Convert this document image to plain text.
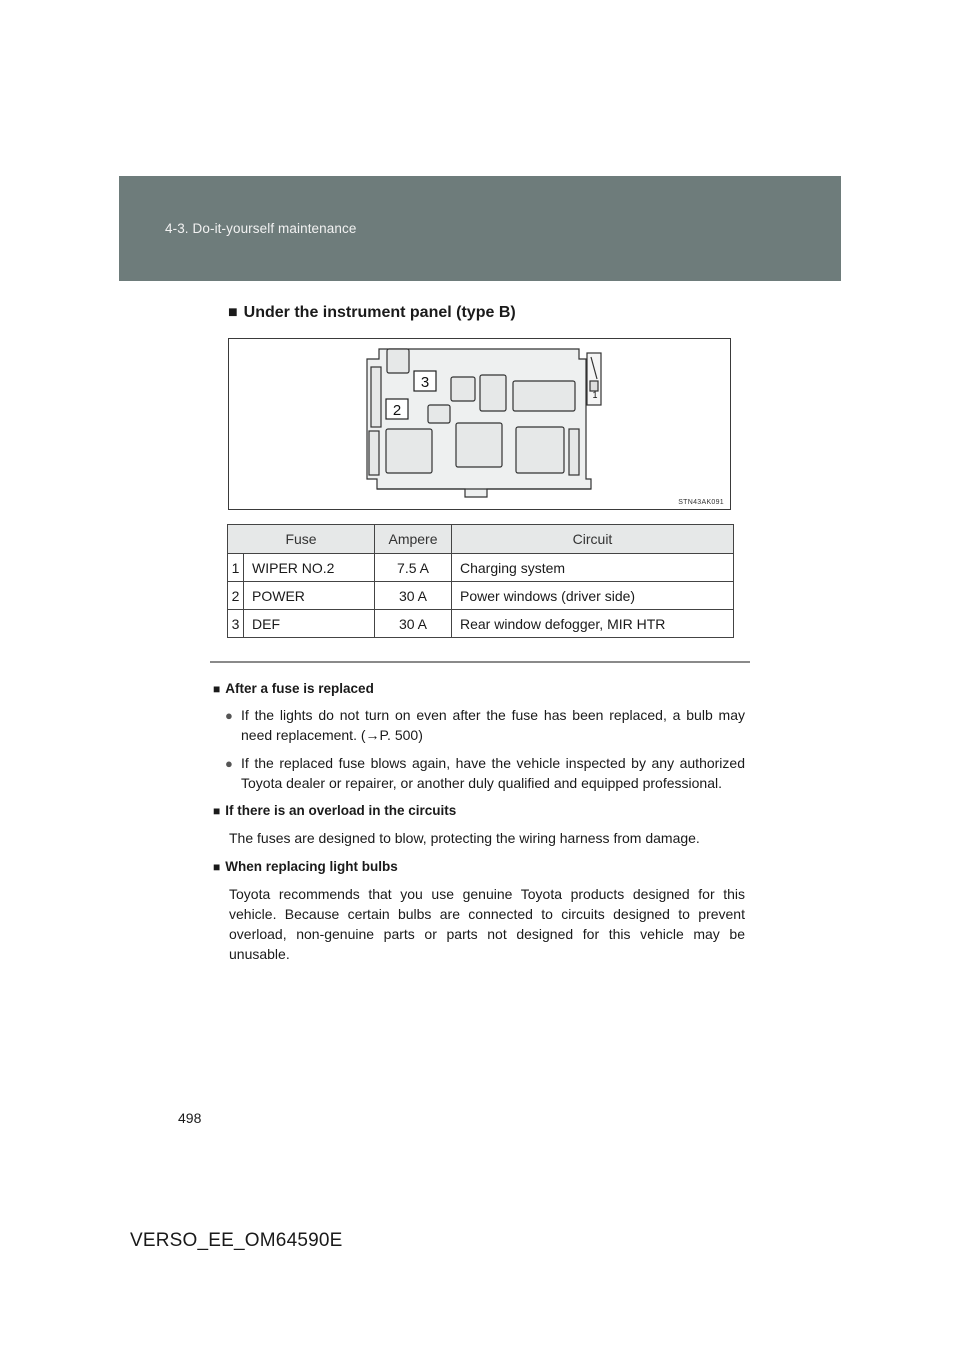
4-3. Do-it-yourself maintenance
■ Under the instrument panel (type B)
3
2
1
STN43AK091
Fuse		Ampere	Circuit
1	WIPER NO.2	7.5 A	Charging system
2	POWER	30 A	Power windows (driver side)
3	DEF	30 A	Rear window defogger, MIR HTR
■ After a fuse is replaced
● If the lights do not turn on even after the fuse has been replaced, a bulb may need replacement. (→P. 500)
● If the replaced fuse blows again, have the vehicle inspected by any authorized Toyota dealer or repairer, or another duly qualified and equipped professional.
■ If there is an overload in the circuits
The fuses are designed to blow, protecting the wiring harness from damage.
■ When replacing light bulbs
Toyota recommends that you use genuine Toyota products designed for this vehicle. Because certain bulbs are connected to circuits designed to prevent overload, non-genuine parts or parts not designed for this vehicle may be unusable.
498
VERSO_EE_OM64590E
